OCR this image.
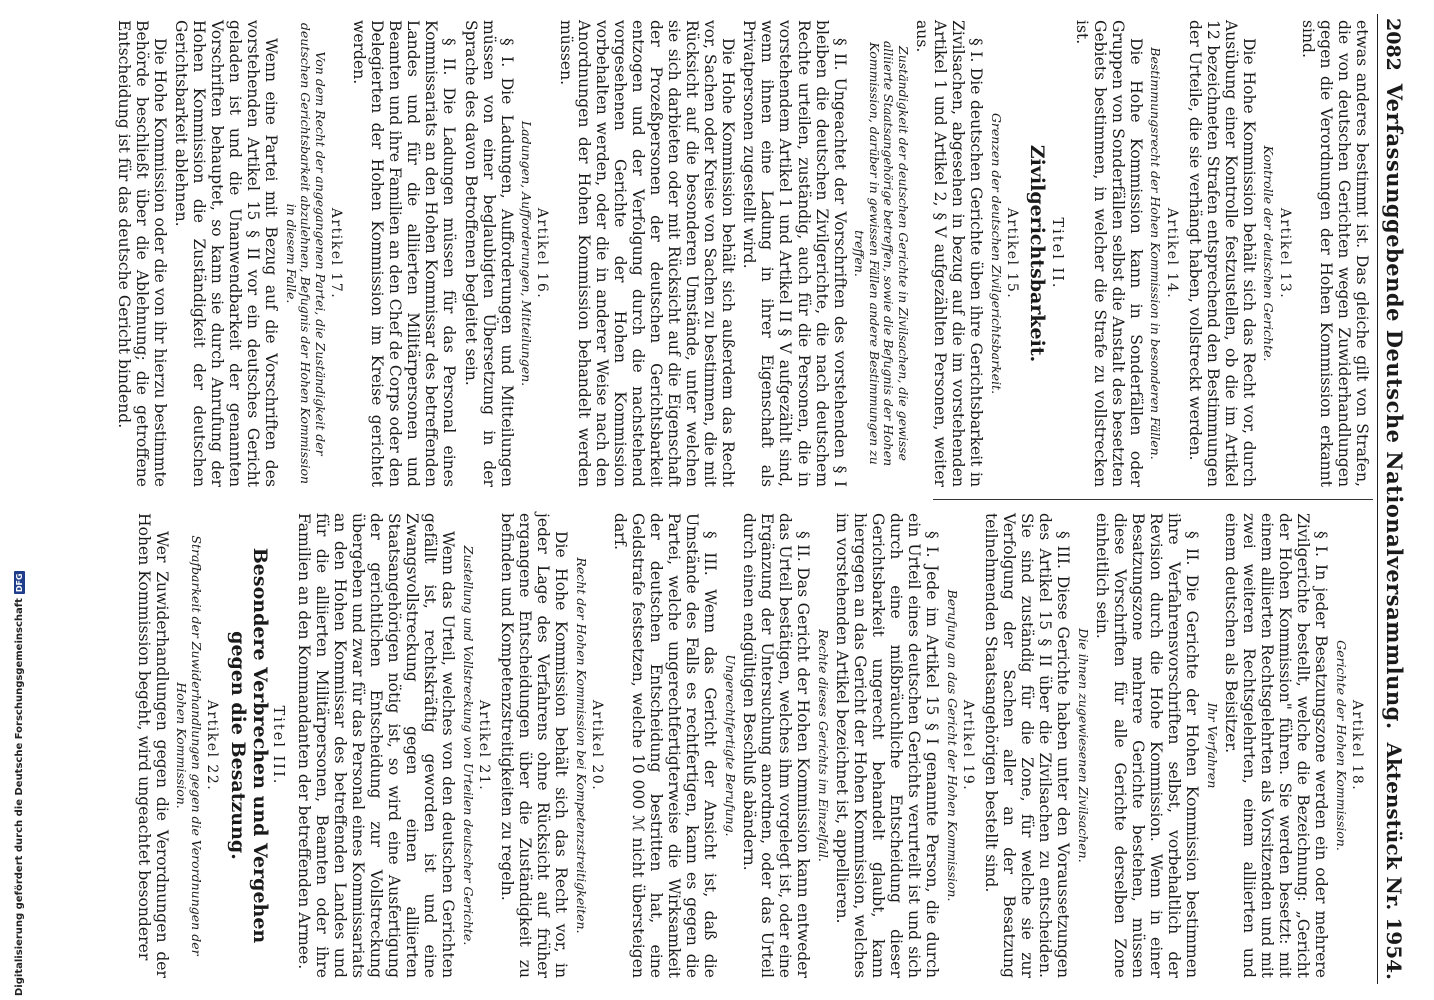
2082
Verfassunggebende Deutsche Nationalversammlung.
Aktenstück Nr. 1954.

etwas anderes bestimmt ist. Das gleiche gilt von Strafen, die von deutschen Gerichten wegen Zuwiderhandlungen gegen die Verordnungen der Hohen Kommission erkannt sind.

Artikel 13.
Kontrolle der deutschen Gerichte.

Die Hohe Kommission behält sich das Recht vor, durch Ausübung einer Kontrolle festzustellen, ob die im Artikel 12 bezeichneten Strafen entsprechend den Bestimmungen der Urteile, die sie verhängt haben, vollstreckt werden.

Artikel 14.
Bestimmungsrecht der Hohen Kommission in besonderen Fällen.

Die Hohe Kommission kann in Sonderfällen oder Gruppen von Sonderfällen selbst die Anstalt des besetzten Gebiets bestimmen, in welcher die Strafe zu vollstrecken ist.

Titel II.
Zivilgerichtsbarkeit.
Artikel 15.
Grenzen der deutschen Zivilgerichtsbarkeit.

§ I. Die deutschen Gerichte üben ihre Gerichtsbarkeit in Zivilsachen, abgesehen in bezug auf die im vorstehenden Artikel 1 und Artikel 2, § V aufgezählten Personen, weiter aus.

Zuständigkeit der deutschen Gerichte in Zivilsachen, die gewisse alliierte Staatsangehörige betreffen, sowie die Befugnis der Hohen Kommission, darüber in gewissen Fällen andere Bestimmungen zu treffen.

§ II. Ungeachtet der Vorschriften des vorstehenden § I bleiben die deutschen Zivilgerichte, die nach deutschem Rechte urteilen, zuständig, auch für die Personen, die in vorstehendem Artikel 1 und Artikel II § V aufgezählt sind, wenn ihnen eine Ladung in ihrer Eigenschaft als Privatpersonen zugestellt wird.

Die Hohe Kommission behält sich außerdem das Recht vor, Sachen oder Kreise von Sachen zu bestimmen, die mit Rücksicht auf die besonderen Umstände, unter welchen sie sich darbieten oder mit Rücksicht auf die Eigenschaft der Prozeßpersonen der deutschen Gerichtsbarkeit entzogen und der Verfolgung durch die nachstehend vorgesehenen Gerichte der Hohen Kommission vorbehalten werden, oder die in anderer Weise nach den Anordnungen der Hohen Kommission behandelt werden müssen.

Artikel 16.
Ladungen, Aufforderungen, Mitteilungen.

§ I. Die Ladungen, Aufforderungen und Mitteilungen müssen von einer beglaubigten Übersetzung in der Sprache des davon Betroffenen begleitet sein.

§ II. Die Ladungen müssen für das Personal eines Kommissariats an den Hohen Kommissar des betreffenden Landes und für die alliierten Militärpersonen und Beamten und ihre Familien an den Chef de Corps oder den Delegierten der Hohen Kommission im Kreise gerichtet werden.

Artikel 17.
Von dem Recht der angegangenen Partei, die Zuständigkeit der deutschen Gerichtsbarkeit abzulehnen, Befugnis der Hohen Kommission in diesem Falle.

Wenn eine Partei mit Bezug auf die Vorschriften des vorstehenden Artikel 15 § II vor ein deutsches Gericht geladen ist und die Unanwendbarkeit der genannten Vorschriften behauptet, so kann sie durch Anrufung der Hohen Kommission die Zuständigkeit der deutschen Gerichtsbarkeit ablehnen.

Die Hohe Kommission oder die von ihr hierzu bestimmte Behörde beschließt über die Ablehnung; die getroffene Entscheidung ist für das deutsche Gericht bindend.

Artikel 18.
Gerichte der Hohen Kommission.

§ I. In jeder Besatzungszone werden ein oder mehrere Zivilgerichte bestellt, welche die Bezeichnung: „Gericht der Hohen Kommission" führen. Sie werden besetzt: mit einem alliierten Rechtsgelehrten als Vorsitzenden und mit zwei weiteren Rechtsgelehrten, einem alliierten und einem deutschen als Beisitzer.

Ihr Verfahren

§ II. Die Gerichte der Hohen Kommission bestimmen ihre Verfahrensvorschriften selbst, vorbehaltlich der Revision durch die Hohe Kommission. Wenn in einer Besatzungszone mehrere Gerichte bestehen, müssen diese Vorschriften für alle Gerichte derselben Zone einheitlich sein.

Die ihnen zugewiesenen Zivilsachen.

§ III. Diese Gerichte haben unter den Voraussetzungen des Artikel 15 § II über die Zivilsachen zu entscheiden. Sie sind zuständig für die Zone, für welche sie zur Verfolgung der Sachen aller an der Besatzung teilnehmenden Staatsangehörigen bestellt sind.

Artikel 19.
Berufung an das Gericht der Hohen Kommission.

§ I. Jede im Artikel 15 § I genannte Person, die durch ein Urteil eines deutschen Gerichts verurteilt ist und sich durch eine mißbräuchliche Entscheidung dieser Gerichtsbarkeit ungerecht behandelt glaubt, kann hiergegen an das Gericht der Hohen Kommission, welches im vorstehenden Artikel bezeichnet ist, appellieren.

Rechte dieses Gerichts im Einzelfall.

§ II. Das Gericht der Hohen Kommission kann entweder das Urteil bestätigen, welches ihm vorgelegt ist, oder eine Ergänzung der Untersuchung anordnen, oder das Urteil durch einen endgültigen Beschluß abändern.

Ungerechtfertigte Berufung.

§ III. Wenn das Gericht der Ansicht ist, daß die Umstände des Falls es rechtfertigen, kann es gegen die Partei, welche ungerechtfertigterweise die Wirksamkeit der deutschen Entscheidung bestritten hat, eine Geldstrafe festsetzen, welche 10 000 ℳ nicht übersteigen darf.

Artikel 20.
Recht der Hohen Kommission bei Kompetenzstreitigkeiten.

Die Hohe Kommission behält sich das Recht vor, in jeder Lage des Verfahrens ohne Rücksicht auf früher ergangene Entscheidungen über die Zuständigkeit zu befinden und Kompetenzstreitigkeiten zu regeln.

Artikel 21.
Zustellung und Vollstreckung von Urteilen deutscher Gerichte.

Wenn das Urteil, welches von den deutschen Gerichten gefällt ist, rechtskräftig geworden ist und eine Zwangsvollstreckung gegen einen alliierten Staatsangehörigen nötig ist, so wird eine Ausfertigung der gerichtlichen Entscheidung zur Vollstreckung übergeben und zwar für das Personal eines Kommissariats an den Hohen Kommissar des betreffenden Landes und für die alliierten Militärpersonen, Beamten oder ihre Familien an den Kommandanten der betreffenden Armee.

Titel III.
Besondere Verbrechen und Vergehen gegen die Besatzung.
Artikel 22.
Strafbarkeit der Zuwiderhandlungen gegen die Verordnungen der Hohen Kommission.

Wer Zuwiderhandlungen gegen die Verordnungen der Hohen Kommission begeht, wird ungeachtet besonderer

Digitalisierung gefördert durch die Deutsche Forschungsgemeinschaft
DFG
